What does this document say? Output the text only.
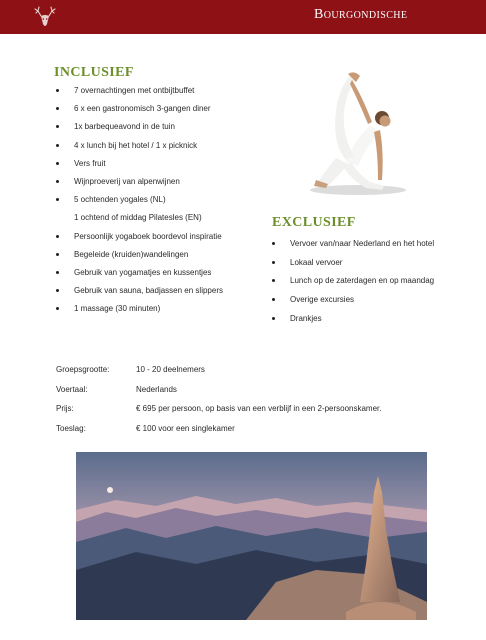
Bourgondische
INCLUSIEF
7 overnachtingen met ontbijtbuffet
6 x een gastronomisch 3-gangen diner
1x barbequeavond in de tuin
4 x lunch bij het hotel / 1 x picknick
Vers fruit
Wijnproeverij van alpenwijnen
5 ochtenden yogales (NL)
1 ochtend of middag Pilatesles (EN)
Persoonlijk yogaboek boordevol inspiratie
Begeleide (kruiden)wandelingen
Gebruik van yogamatjes en kussentjes
Gebruik van sauna, badjassen en slippers
1 massage (30 minuten)
EXCLUSIEF
Vervoer van/naar Nederland en het hotel
Lokaal vervoer
Lunch op de zaterdagen en op maandag
Overige excursies
Drankjes
Groepsgrootte:	10 - 20 deelnemers
Voertaal:	Nederlands
Prijs:	€ 695 per persoon, op basis van een verblijf in een 2-persoonskamer.
Toeslag:	€ 100 voor een singlekamer
